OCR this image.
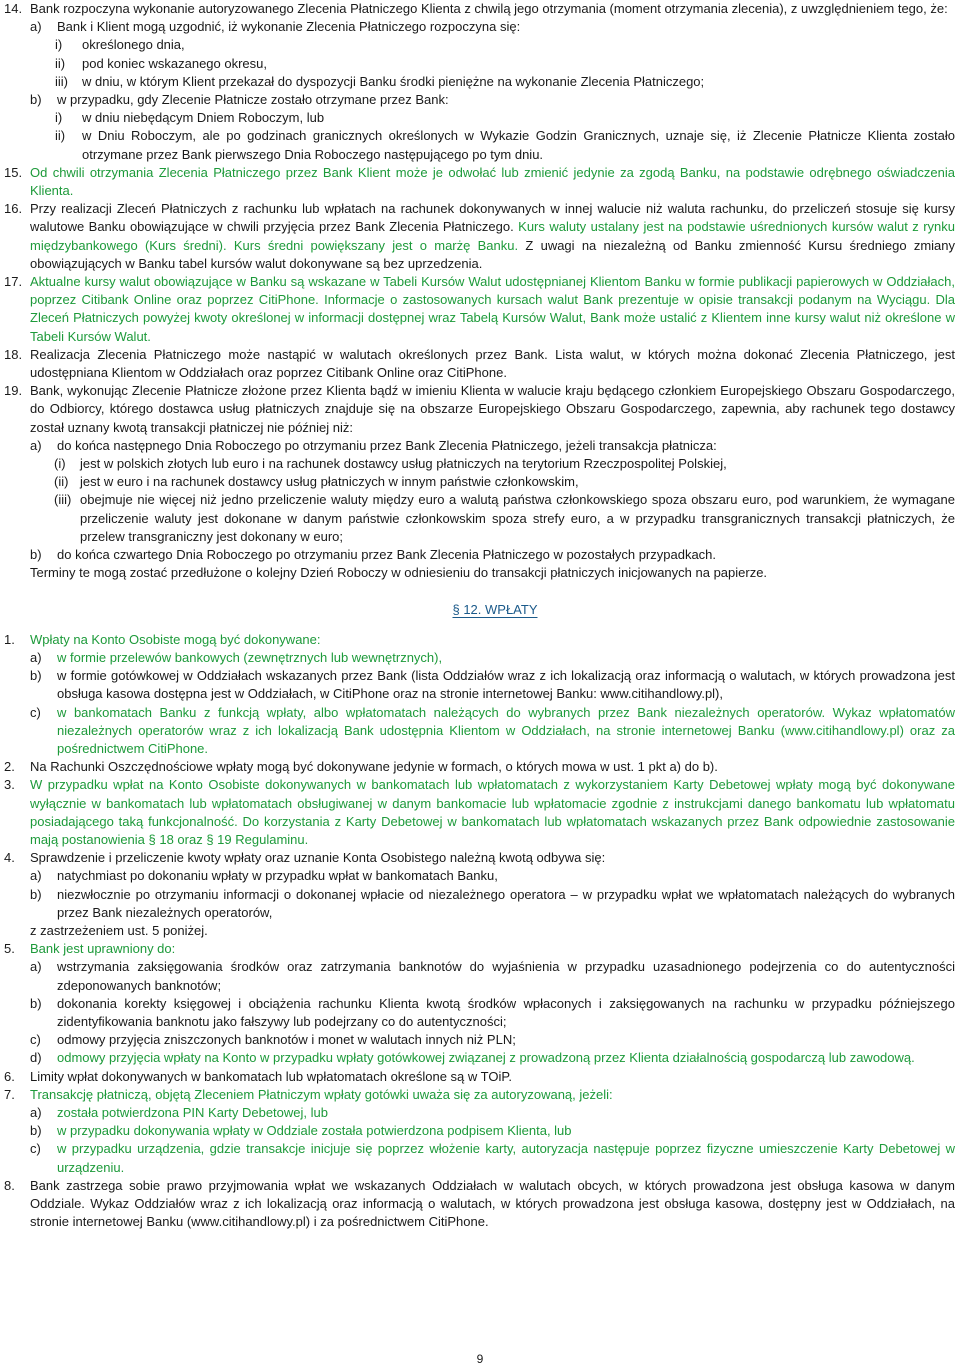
14. Bank rozpoczyna wykonanie autoryzowanego Zlecenia Płatniczego Klienta z chwilą jego otrzymania (moment otrzymania zlecenia), z uwzględnieniem tego, że:

a) Bank i Klient mogą uzgodnić, iż wykonanie Zlecenia Płatniczego rozpoczyna się:

i) określonego dnia,

ii) pod koniec wskazanego okresu,

iii) w dniu, w którym Klient przekazał do dyspozycji Banku środki pieniężne na wykonanie Zlecenia Płatniczego;

b) w przypadku, gdy Zlecenie Płatnicze zostało otrzymane przez Bank:

i) w dniu niebędącym Dniem Roboczym, lub

ii) w Dniu Roboczym, ale po godzinach granicznych określonych w Wykazie Godzin Granicznych, uznaje się, iż Zlecenie Płatnicze Klienta zostało otrzymane przez Bank pierwszego Dnia Roboczego następującego po tym dniu.

15. Od chwili otrzymania Zlecenia Płatniczego przez Bank Klient może je odwołać lub zmienić jedynie za zgodą Banku, na podstawie odrębnego oświadczenia Klienta.

16. Przy realizacji Zleceń Płatniczych z rachunku lub wpłatach na rachunek dokonywanych w innej walucie niż waluta rachunku, do przeliczeń stosuje się kursy walutowe Banku obowiązujące w chwili przyjęcia przez Bank Zlecenia Płatniczego. Kurs waluty ustalany jest na podstawie uśrednionych kursów walut z rynku międzybankowego (Kurs średni). Kurs średni powiększany jest o marżę Banku. Z uwagi na niezależną od Banku zmienność Kursu średniego zmiany obowiązujących w Banku tabel kursów walut dokonywane są bez uprzedzenia.

17. Aktualne kursy walut obowiązujące w Banku są wskazane w Tabeli Kursów Walut udostępnianej Klientom Banku w formie publikacji papierowych w Oddziałach, poprzez Citibank Online oraz poprzez CitiPhone. Informacje o zastosowanych kursach walut Bank prezentuje w opisie transakcji podanym na Wyciągu. Dla Zleceń Płatniczych powyżej kwoty określonej w informacji dostępnej wraz Tabelą Kursów Walut, Bank może ustalić z Klientem inne kursy walut niż określone w Tabeli Kursów Walut.

18. Realizacja Zlecenia Płatniczego może nastąpić w walutach określonych przez Bank. Lista walut, w których można dokonać Zlecenia Płatniczego, jest udostępniana Klientom w Oddziałach oraz poprzez Citibank Online oraz CitiPhone.

19. Bank, wykonując Zlecenie Płatnicze złożone przez Klienta bądź w imieniu Klienta w walucie kraju będącego członkiem Europejskiego Obszaru Gospodarczego, do Odbiorcy, którego dostawca usług płatniczych znajduje się na obszarze Europejskiego Obszaru Gospodarczego, zapewnia, aby rachunek tego dostawcy został uznany kwotą transakcji płatniczej nie później niż:

a) do końca następnego Dnia Roboczego po otrzymaniu przez Bank Zlecenia Płatniczego, jeżeli transakcja płatnicza:

(i)	jest w polskich złotych lub euro i na rachunek dostawcy usług płatniczych na terytorium Rzeczpospolitej Polskiej,

(ii) jest w euro i na rachunek dostawcy usług płatniczych w innym państwie członkowskim,

(iii) obejmuje nie więcej niż jedno przeliczenie waluty między euro a walutą państwa członkowskiego spoza obszaru euro, pod warunkiem, że wymagane przeliczenie waluty jest dokonane w danym państwie członkowskim spoza strefy euro, a w przypadku transgranicznych transakcji płatniczych, że przelew transgraniczny jest dokonany w euro;

b) do końca czwartego Dnia Roboczego po otrzymaniu przez Bank Zlecenia Płatniczego w pozostałych przypadkach.

Terminy te mogą zostać przedłużone o kolejny Dzień Roboczy w odniesieniu do transakcji płatniczych inicjowanych na papierze.

§ 12. WPŁATY
1. Wpłaty na Konto Osobiste mogą być dokonywane:

a) w formie przelewów bankowych (zewnętrznych lub wewnętrznych),

b) w formie gotówkowej w Oddziałach wskazanych przez Bank (lista Oddziałów wraz z ich lokalizacją oraz informacją o walutach, w których prowadzona jest obsługa kasowa dostępna jest w Oddziałach, w CitiPhone oraz na stronie internetowej Banku: www.citihandlowy.pl),

c) w bankomatach Banku z funkcją wpłaty, albo wpłatomatach należących do wybranych przez Bank niezależnych operatorów. Wykaz wpłatomatów niezależnych operatorów wraz z ich lokalizacją Bank udostępnia Klientom w Oddziałach, na stronie internetowej Banku (www.citihandlowy.pl) oraz za pośrednictwem CitiPhone.

2. Na Rachunki Oszczędnościowe wpłaty mogą być dokonywane jedynie w formach, o których mowa w ust. 1 pkt a) do b).

3. W przypadku wpłat na Konto Osobiste dokonywanych w bankomatach lub wpłatomatach z wykorzystaniem Karty Debetowej wpłaty mogą być dokonywane wyłącznie w bankomatach lub wpłatomatach obsługiwanej w danym bankomacie lub wpłatomacie zgodnie z instrukcjami danego bankomatu lub wpłatomatu posiadającego taką funkcjonalność. Do korzystania z Karty Debetowej w bankomatach lub wpłatomatach wskazanych przez Bank odpowiednie zastosowanie mają postanowienia § 18 oraz § 19 Regulaminu.

4. Sprawdzenie i przeliczenie kwoty wpłaty oraz uznanie Konta Osobistego należną kwotą odbywa się:

a) natychmiast po dokonaniu wpłaty w przypadku wpłat w bankomatach Banku,

b) niezwłocznie po otrzymaniu informacji o dokonanej wpłacie od niezależnego operatora – w przypadku wpłat we wpłatomatach należących do wybranych przez Bank niezależnych operatorów,

z zastrzeżeniem ust. 5 poniżej.

5. Bank jest uprawniony do:

a) wstrzymania zaksięgowania środków oraz zatrzymania banknotów do wyjaśnienia w przypadku uzasadnionego podejrzenia co do autentyczności zdeponowanych banknotów;

b) dokonania korekty księgowej i obciążenia rachunku Klienta kwotą środków wpłaconych i zaksięgowanych na rachunku w przypadku późniejszego zidentyfikowania banknotu jako fałszywy lub podejrzany co do autentyczności;

c) odmowy przyjęcia zniszczonych banknotów i monet w walutach innych niż PLN;

d) odmowy przyjęcia wpłaty na Konto w przypadku wpłaty gotówkowej związanej z prowadzoną przez Klienta działalnością gospodarczą lub zawodową.

6. Limity wpłat dokonywanych w bankomatach lub wpłatomatach określone są w TOiP.

7. Transakcję płatniczą, objętą Zleceniem Płatniczym wpłaty gotówki uważa się za autoryzowaną, jeżeli:

a) została potwierdzona PIN Karty Debetowej, lub

b) w przypadku dokonywania wpłaty w Oddziale została potwierdzona podpisem Klienta, lub

c) w przypadku urządzenia, gdzie transakcje inicjuje się poprzez włożenie karty, autoryzacja następuje poprzez fizyczne umieszczenie Karty Debetowej w urządzeniu.

8. Bank zastrzega sobie prawo przyjmowania wpłat we wskazanych Oddziałach w walutach obcych, w których prowadzona jest obsługa kasowa w danym Oddziale. Wykaz Oddziałów wraz z ich lokalizacją oraz informacją o walutach, w których prowadzona jest obsługa kasowa, dostępny jest w Oddziałach, na stronie internetowej Banku (www.citihandlowy.pl) i za pośrednictwem CitiPhone.

9
